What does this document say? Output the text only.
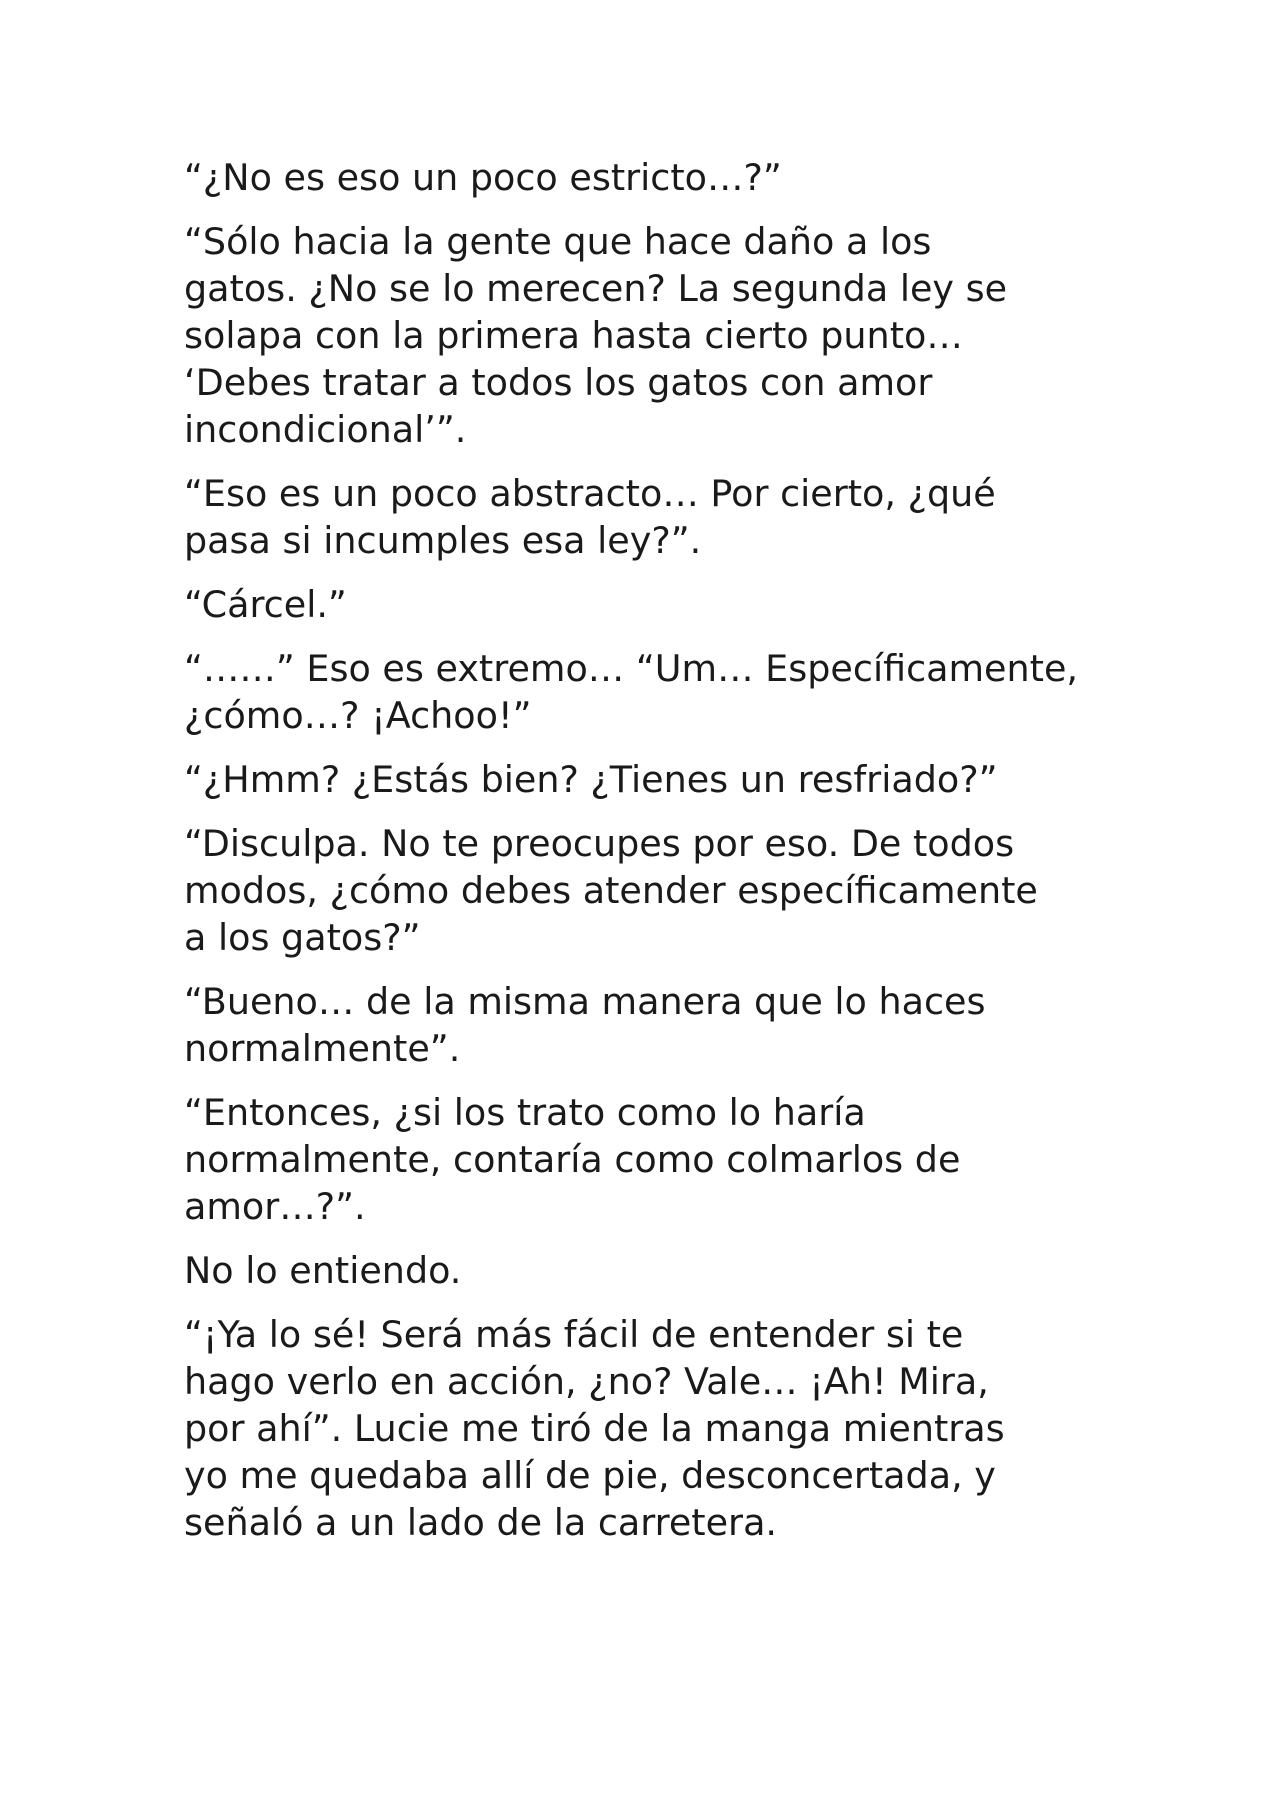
“¿No es eso un poco estricto…?”

“Sólo hacia la gente que hace daño a los
gatos. ¿No se lo merecen? La segunda ley se
solapa con la primera hasta cierto punto…
‘Debes tratar a todos los gatos con amor
incondicional’”.

“Eso es un poco abstracto… Por cierto, ¿qué
pasa si incumples esa ley?”.

“Cárcel.”

“……” Eso es extremo… “Um… Específicamente,
¿cómo…? ¡Achoo!”

“¿Hmm? ¿Estás bien? ¿Tienes un resfriado?”

“Disculpa. No te preocupes por eso. De todos
modos, ¿cómo debes atender específicamente
a los gatos?”

“Bueno… de la misma manera que lo haces
normalmente”.

“Entonces, ¿si los trato como lo haría
normalmente, contaría como colmarlos de
amor…?”.

No lo entiendo.

“¡Ya lo sé! Será más fácil de entender si te
hago verlo en acción, ¿no? Vale… ¡Ah! Mira,
por ahí”. Lucie me tiró de la manga mientras
yo me quedaba allí de pie, desconcertada, y
señaló a un lado de la carretera.
